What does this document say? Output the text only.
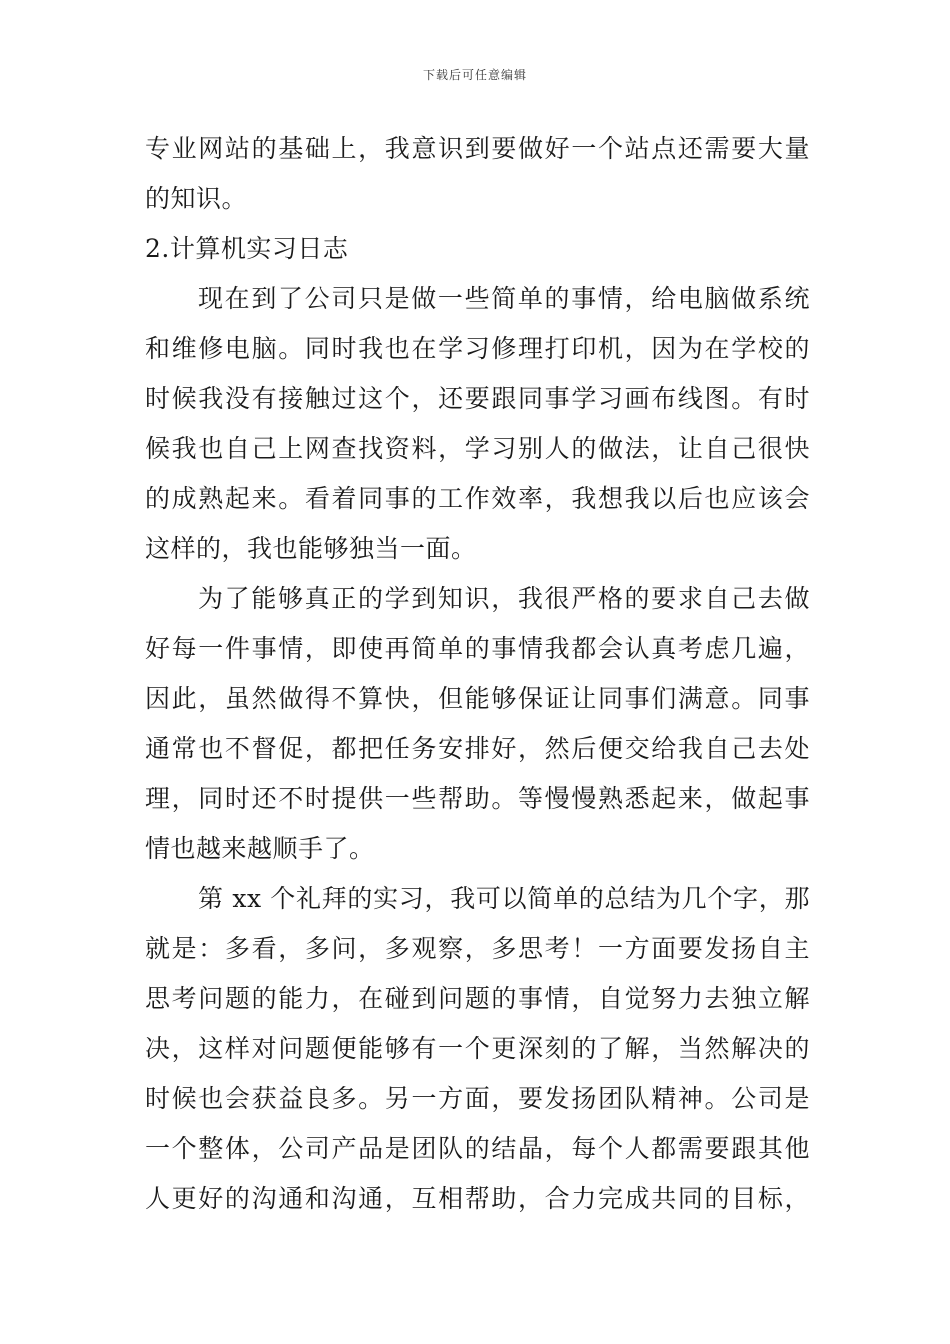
下载后可任意编辑
专业网站的基础上，我意识到要做好一个站点还需要大量
的知识。
2.计算机实习日志
现在到了公司只是做一些简单的事情，给电脑做系统
和维修电脑。同时我也在学习修理打印机，因为在学校的
时候我没有接触过这个，还要跟同事学习画布线图。有时
候我也自己上网查找资料，学习别人的做法，让自己很快
的成熟起来。看着同事的工作效率，我想我以后也应该会
这样的，我也能够独当一面。
为了能够真正的学到知识，我很严格的要求自己去做
好每一件事情，即使再简单的事情我都会认真考虑几遍，
因此，虽然做得不算快，但能够保证让同事们满意。同事
通常也不督促，都把任务安排好，然后便交给我自己去处
理，同时还不时提供一些帮助。等慢慢熟悉起来，做起事
情也越来越顺手了。
第 xx 个礼拜的实习，我可以简单的总结为几个字，那
就是：多看，多问，多观察，多思考！一方面要发扬自主
思考问题的能力，在碰到问题的事情，自觉努力去独立解
决，这样对问题便能够有一个更深刻的了解，当然解决的
时候也会获益良多。另一方面，要发扬团队精神。公司是
一个整体，公司产品是团队的结晶，每个人都需要跟其他
人更好的沟通和沟通，互相帮助，合力完成共同的目标，
